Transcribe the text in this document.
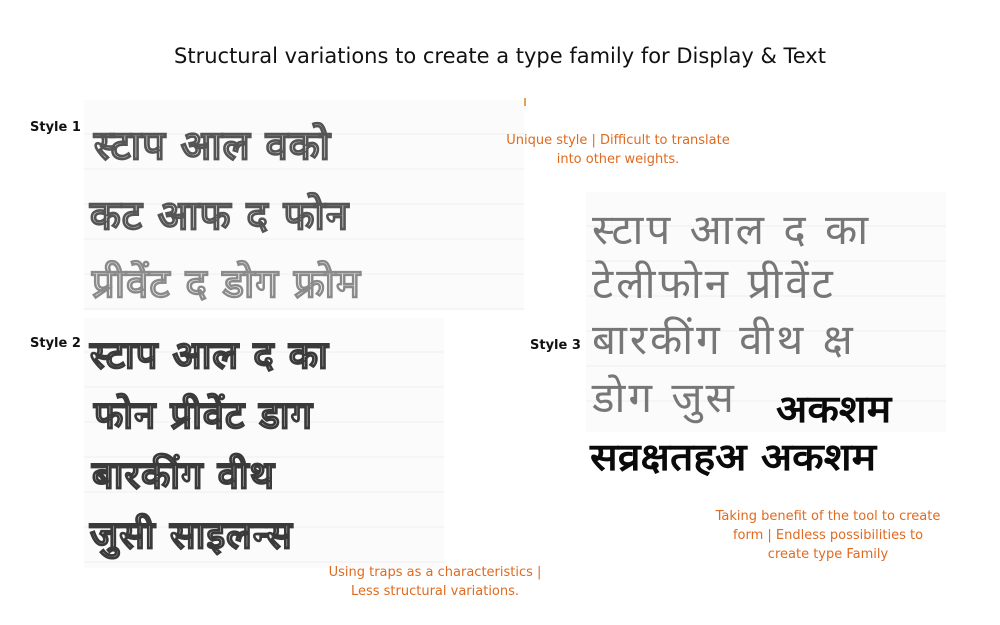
Structural variations to create a type family for Display & Text
Style 1 स्टाप आल वको
कट आफ द फोन
प्रीवेंट द डोग फ्रोम
Unique style | Difficult to translate
into other weights.
Style 2 स्टाप आल द का
फोन प्रीवेंट डाग
बारकींग वीथ
जुसी साइलन्स
Using traps as a characteristics |
Less structural variations.
Style 3
स्टाप आल द का
टेलीफोन प्रीवेंट
बारकींग वीथ क्ष
डोग जुस अकशम
सव्रक्षतहअ अकशम
Taking benefit of the tool to create
form | Endless possibilities to
create type Family
